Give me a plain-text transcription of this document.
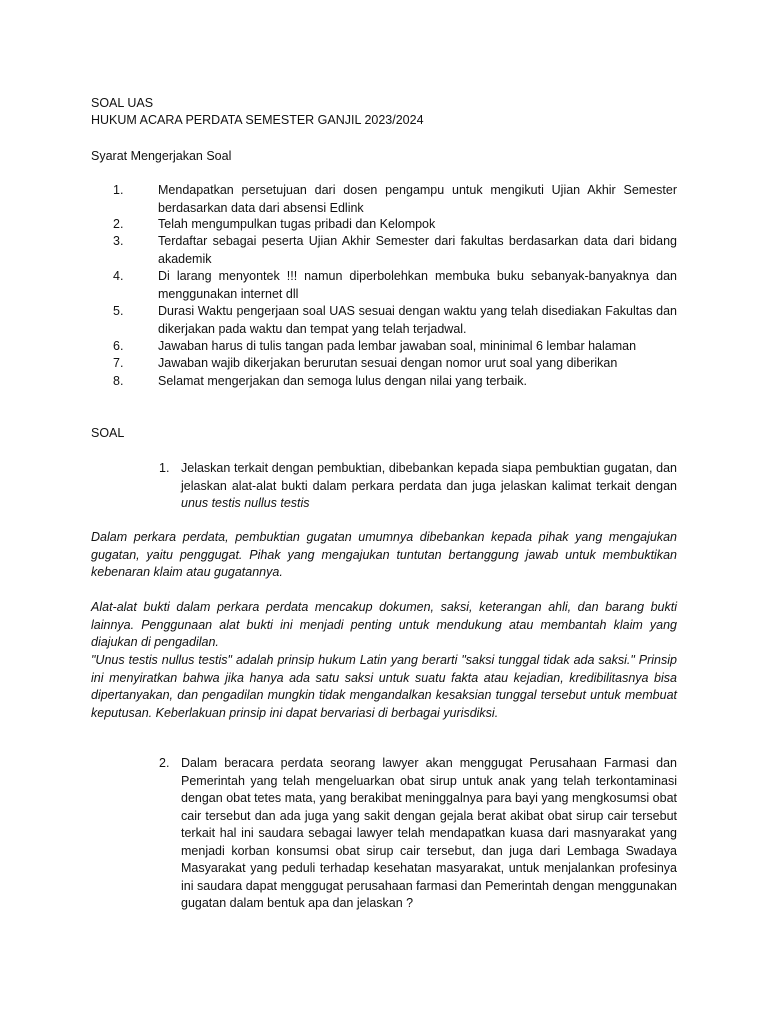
SOAL UAS
HUKUM ACARA PERDATA SEMESTER GANJIL 2023/2024
Syarat Mengerjakan Soal
1.	Mendapatkan persetujuan dari dosen pengampu untuk mengikuti Ujian Akhir Semester berdasarkan data dari absensi Edlink
2.	Telah mengumpulkan tugas pribadi dan Kelompok
3.	Terdaftar sebagai peserta Ujian Akhir Semester dari fakultas berdasarkan data dari bidang akademik
4.	Di larang menyontek !!! namun diperbolehkan membuka buku sebanyak-banyaknya dan menggunakan internet dll
5.	Durasi Waktu pengerjaan soal UAS sesuai dengan waktu yang telah disediakan Fakultas dan dikerjakan pada waktu dan tempat yang telah terjadwal.
6.	Jawaban harus di tulis tangan pada lembar jawaban soal, mininimal 6 lembar halaman
7.	Jawaban wajib dikerjakan berurutan sesuai dengan nomor urut soal yang diberikan
8.	Selamat mengerjakan dan semoga lulus dengan nilai yang terbaik.
SOAL
1. Jelaskan terkait dengan pembuktian, dibebankan kepada siapa pembuktian gugatan, dan jelaskan alat-alat bukti dalam perkara perdata dan juga jelaskan kalimat terkait dengan unus testis nullus testis
Dalam perkara perdata, pembuktian gugatan umumnya dibebankan kepada pihak yang mengajukan gugatan, yaitu penggugat. Pihak yang mengajukan tuntutan bertanggung jawab untuk membuktikan kebenaran klaim atau gugatannya.
Alat-alat bukti dalam perkara perdata mencakup dokumen, saksi, keterangan ahli, dan barang bukti lainnya. Penggunaan alat bukti ini menjadi penting untuk mendukung atau membantah klaim yang diajukan di pengadilan.
"Unus testis nullus testis" adalah prinsip hukum Latin yang berarti "saksi tunggal tidak ada saksi." Prinsip ini menyiratkan bahwa jika hanya ada satu saksi untuk suatu fakta atau kejadian, kredibilitasnya bisa dipertanyakan, dan pengadilan mungkin tidak mengandalkan kesaksian tunggal tersebut untuk membuat keputusan. Keberlakuan prinsip ini dapat bervariasi di berbagai yurisdiksi.
2. Dalam beracara perdata seorang lawyer akan menggugat Perusahaan Farmasi dan Pemerintah yang telah mengeluarkan obat sirup untuk anak yang telah terkontaminasi dengan obat tetes mata, yang berakibat meninggalnya para bayi yang mengkosumsi obat cair tersebut dan ada juga yang sakit dengan gejala berat akibat obat sirup cair tersebut terkait hal ini saudara sebagai lawyer telah mendapatkan kuasa dari masnyarakat yang menjadi korban konsumsi obat sirup cair tersebut, dan juga dari Lembaga Swadaya Masyarakat yang peduli terhadap kesehatan masyarakat, untuk menjalankan profesinya ini saudara dapat menggugat perusahaan farmasi dan Pemerintah dengan menggunakan gugatan dalam bentuk apa dan jelaskan ?
